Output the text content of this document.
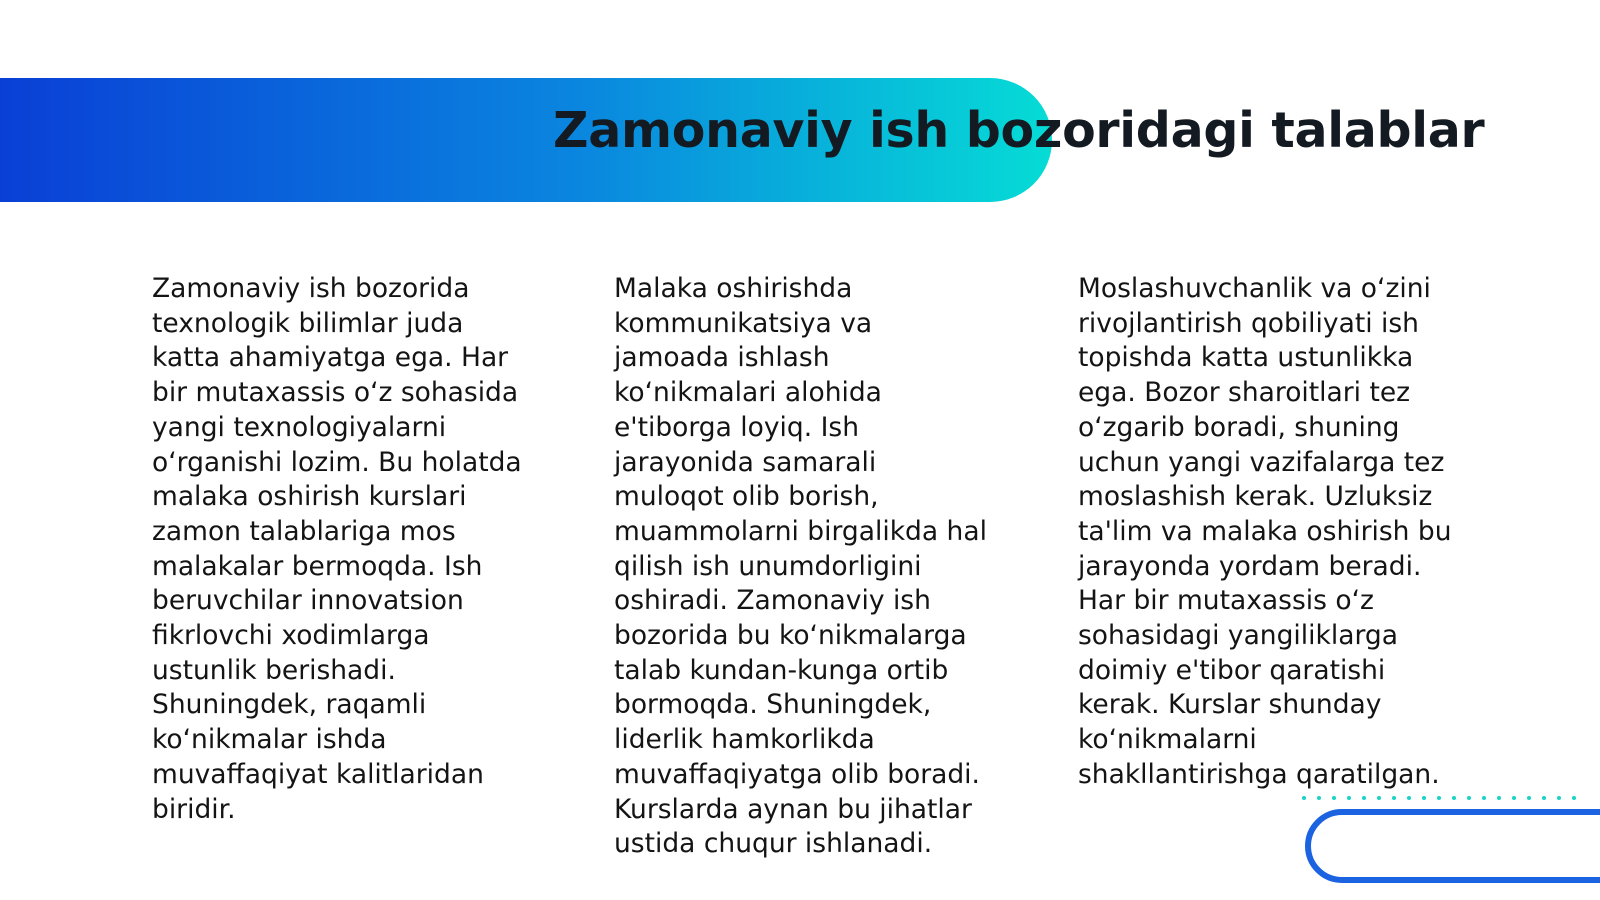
Zamonaviy ish bozoridagi talablar

Zamonaviy ish bozorida texnologik bilimlar juda katta ahamiyatga ega. Har bir mutaxassis o‘z sohasida yangi texnologiyalarni o‘rganishi lozim. Bu holatda malaka oshirish kurslari zamon talablariga mos malakalar bermoqda. Ish beruvchilar innovatsion fikrlovchi xodimlarga ustunlik berishadi. Shuningdek, raqamli ko‘nikmalar ishda muvaffaqiyat kalitlaridan biridir.

Malaka oshirishda kommunikatsiya va jamoada ishlash ko‘nikmalari alohida e'tiborga loyiq. Ish jarayonida samarali muloqot olib borish, muammolarni birgalikda hal qilish ish unumdorligini oshiradi. Zamonaviy ish bozorida bu ko‘nikmalarga talab kundan-kunga ortib bormoqda. Shuningdek, liderlik hamkorlikda muvaffaqiyatga olib boradi. Kurslarda aynan bu jihatlar ustida chuqur ishlanadi.

Moslashuvchanlik va o‘zini rivojlantirish qobiliyati ish topishda katta ustunlikka ega. Bozor sharoitlari tez o‘zgarib boradi, shuning uchun yangi vazifalarga tez moslashish kerak. Uzluksiz ta'lim va malaka oshirish bu jarayonda yordam beradi. Har bir mutaxassis o‘z sohasidagi yangiliklarga doimiy e'tibor qaratishi kerak. Kurslar shunday ko‘nikmalarni shakllantirishga qaratilgan.
